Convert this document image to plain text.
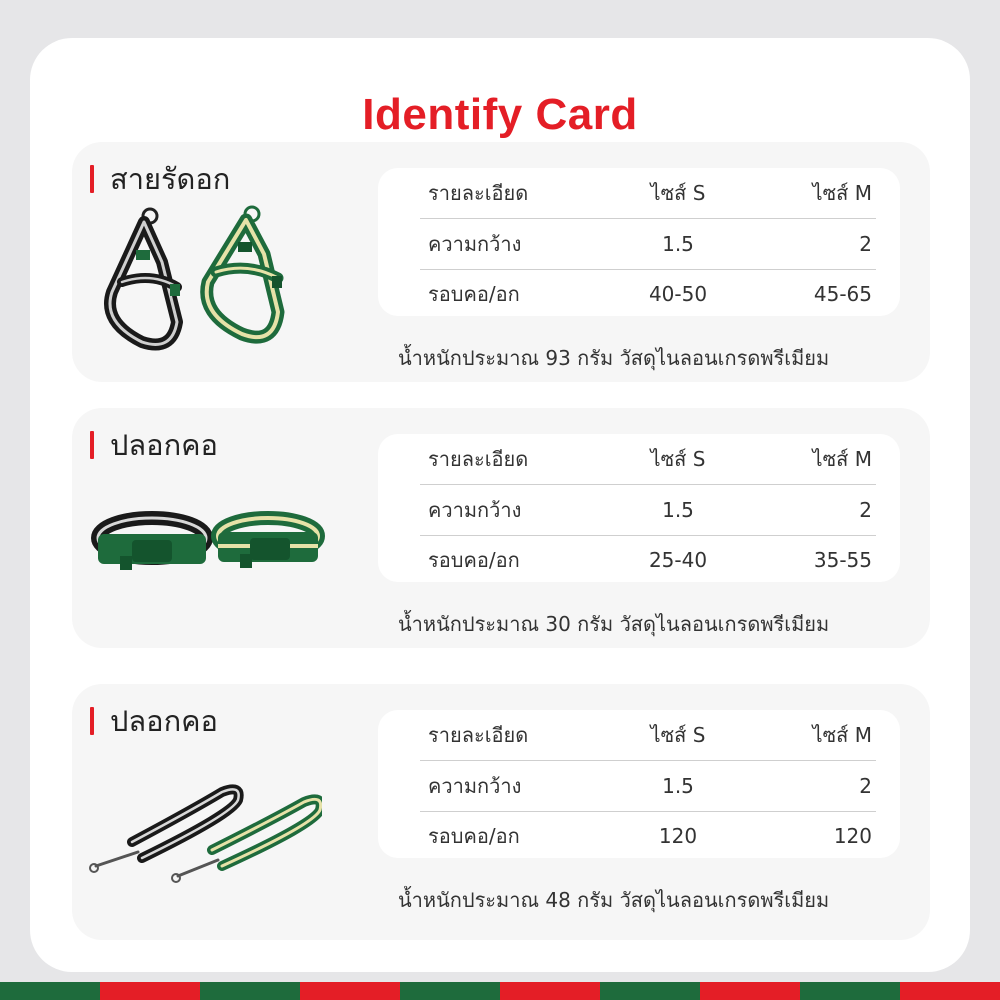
Identify Card
สายรัดอก	รายละเอียด	ไซส์ S	ไซส์ M
ความกว้าง	1.5	2
รอบคอ/อก	40-50	45-65
น้ำหนักประมาณ 93 กรัม วัสดุไนลอนเกรดพรีเมียม
ปลอกคอ	รายละเอียด	ไซส์ S	ไซส์ M
ความกว้าง	1.5	2
รอบคอ/อก	25-40	35-55
น้ำหนักประมาณ 30 กรัม วัสดุไนลอนเกรดพรีเมียม
ปลอกคอ	รายละเอียด	ไซส์ S	ไซส์ M
ความกว้าง	1.5	2
รอบคอ/อก	120	120
น้ำหนักประมาณ 48 กรัม วัสดุไนลอนเกรดพรีเมียม
